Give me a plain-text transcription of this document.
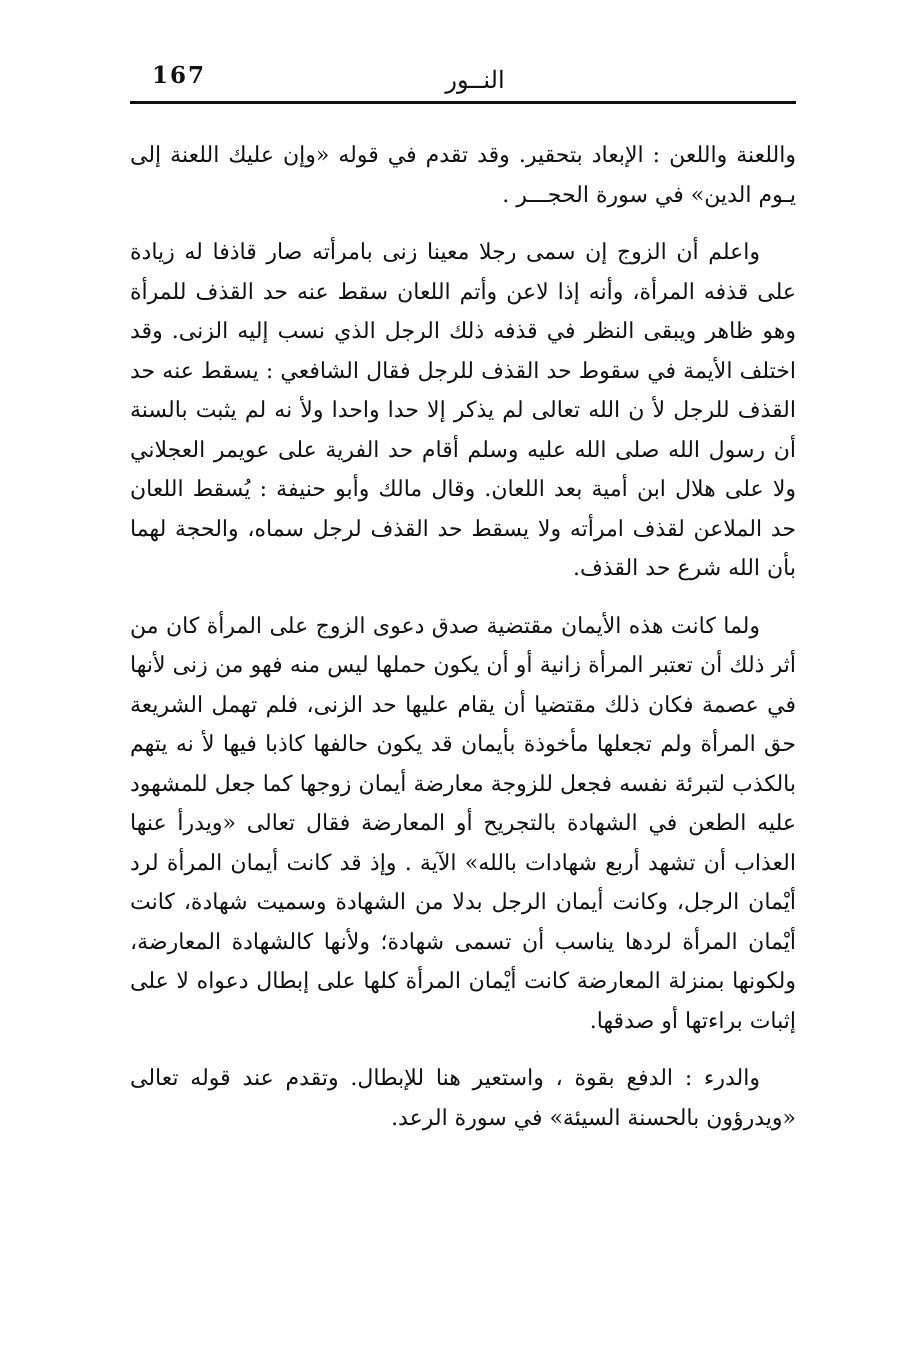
167	النــور

واللعنة واللعن : الإبعاد بتحقير. وقد تقدم في قوله «وإن عليك اللعنة إلى يـوم الدين» في سورة الحجـــر .

واعلم أن الزوج إن سمى رجلا معينا زنى بامرأته صار قاذفا له زيادة على قذفه المرأة، وأنه إذا لاعن وأتم اللعان سقط عنه حد القذف للمرأة وهو ظاهر ويبقى النظر في قذفه ذلك الرجل الذي نسب إليه الزنى. وقد اختلف الأيمة في سقوط حد القذف للرجل فقال الشافعي : يسقط عنه حد القذف للرجل لأ ن الله تعالى لم يذكر إلا حدا واحدا ولأ نه لم يثبت بالسنة أن رسول الله صلى الله عليه وسلم أقام حد الفرية على عويمر العجلاني ولا على هلال ابن أمية بعد اللعان. وقال مالك وأبو حنيفة : يُسقط اللعان حد الملاعن لقذف امرأته ولا يسقط حد القذف لرجل سماه، والحجة لهما بأن الله شرع حد القذف.

ولما كانت هذه الأيمان مقتضية صدق دعوى الزوج على المرأة كان من أثر ذلك أن تعتبر المرأة زانية أو أن يكون حملها ليس منه فهو من زنى لأنها في عصمة فكان ذلك مقتضيا أن يقام عليها حد الزنى، فلم تهمل الشريعة حق المرأة ولم تجعلها مأخوذة بأيمان قد يكون حالفها كاذبا فيها لأ نه يتهم بالكذب لتبرئة نفسه فجعل للزوجة معارضة أيمان زوجها كما جعل للمشهود عليه الطعن في الشهادة بالتجريح أو المعارضة فقال تعالى «ويدرأ عنها العذاب أن تشهد أربع شهادات بالله» الآية . وإذ قد كانت أيمان المرأة لرد أيْمان الرجل، وكانت أيمان الرجل بدلا من الشهادة وسميت شهادة، كانت أيْمان المرأة لردها يناسب أن تسمى شهادة؛ ولأنها كالشهادة المعارضة، ولكونها بمنزلة المعارضة كانت أيْمان المرأة كلها على إبطال دعواه لا على إثبات براءتها أو صدقها.

والدرء : الدفع بقوة ، واستعير هنا للإبطال. وتقدم عند قوله تعالى «ويدرؤون بالحسنة السيئة» في سورة الرعد.
